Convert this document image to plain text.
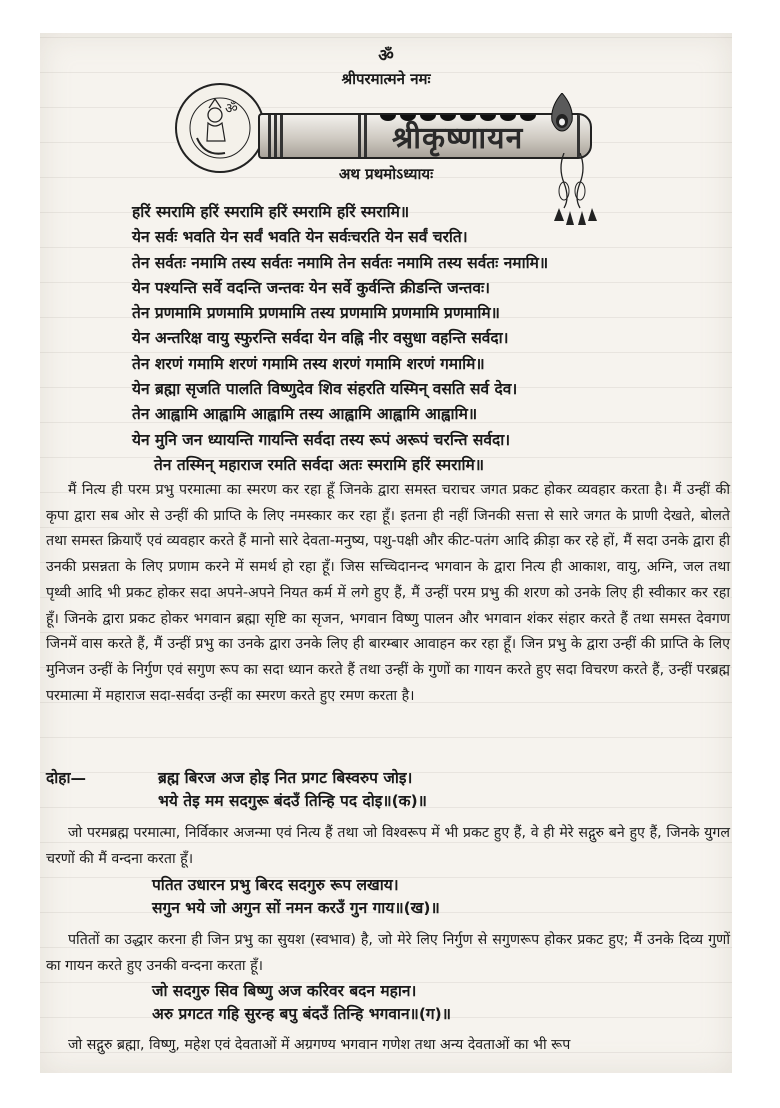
ॐ
श्रीपरमात्मने नमः
ॐ
श्रीकृष्णायन
अथ प्रथमोऽध्यायः
हरिं स्मरामि हरिं स्मरामि हरिं स्मरामि हरिं स्मरामि॥
येन सर्वः भवति येन सर्वं भवति येन सर्वःचरति येन सर्वं चरति।
तेन सर्वतः नमामि तस्य सर्वतः नमामि तेन सर्वतः नमामि तस्य सर्वतः नमामि॥
येन पश्यन्ति सर्वे वदन्ति जन्तवः येन सर्वे कुर्वन्ति क्रीडन्ति जन्तवः।
तेन प्रणमामि प्रणमामि प्रणमामि तस्य प्रणमामि प्रणमामि प्रणमामि॥
येन अन्तरिक्ष वायु स्फुरन्ति सर्वदा येन वह्नि नीर वसुधा वहन्ति सर्वदा।
तेन शरणं गमामि शरणं गमामि तस्य शरणं गमामि शरणं गमामि॥
येन ब्रह्मा सृजति पालति विष्णुदेव शिव संहरति यस्मिन् वसति सर्व देव।
तेन आह्वामि आह्वामि आह्वामि तस्य आह्वामि आह्वामि आह्वामि॥
येन मुनि जन ध्यायन्ति गायन्ति सर्वदा तस्य रूपं अरूपं चरन्ति सर्वदा।
तेन तस्मिन् महाराज रमति सर्वदा अतः स्मरामि हरिं स्मरामि॥

मैं नित्य ही परम प्रभु परमात्मा का स्मरण कर रहा हूँ जिनके द्वारा समस्त चराचर जगत प्रकट होकर व्यवहार करता है। मैं उन्हीं की कृपा द्वारा सब ओर से उन्हीं की प्राप्ति के लिए नमस्कार कर रहा हूँ। इतना ही नहीं जिनकी सत्ता से सारे जगत के प्राणी देखते, बोलते तथा समस्त क्रियाएँ एवं व्यवहार करते हैं मानो सारे देवता-मनुष्य, पशु-पक्षी और कीट-पतंग आदि क्रीड़ा कर रहे हों, मैं सदा उनके द्वारा ही उनकी प्रसन्नता के लिए प्रणाम करने में समर्थ हो रहा हूँ। जिस सच्चिदानन्द भगवान के द्वारा नित्य ही आकाश, वायु, अग्नि, जल तथा पृथ्वी आदि भी प्रकट होकर सदा अपने-अपने नियत कर्म में लगे हुए हैं, मैं उन्हीं परम प्रभु की शरण को उनके लिए ही स्वीकार कर रहा हूँ। जिनके द्वारा प्रकट होकर भगवान ब्रह्मा सृष्टि का सृजन, भगवान विष्णु पालन और भगवान शंकर संहार करते हैं तथा समस्त देवगण जिनमें वास करते हैं, मैं उन्हीं प्रभु का उनके द्वारा उनके लिए ही बारम्बार आवाहन कर रहा हूँ। जिन प्रभु के द्वारा उन्हीं की प्राप्ति के लिए मुनिजन उन्हीं के निर्गुण एवं सगुण रूप का सदा ध्यान करते हैं तथा उन्हीं के गुणों का गायन करते हुए सदा विचरण करते हैं, उन्हीं परब्रह्म परमात्मा में महाराज सदा-सर्वदा उन्हीं का स्मरण करते हुए रमण करता है।

दोहा—	ब्रह्म बिरज अज होइ नित प्रगट बिस्वरुप जोइ।
भये तेइ मम सदगुरू बंदउँ तिन्हि पद दोइ॥(क)॥

जो परमब्रह्म परमात्मा, निर्विकार अजन्मा एवं नित्य हैं तथा जो विश्वरूप में भी प्रकट हुए हैं, वे ही मेरे सद्गुरु बने हुए हैं, जिनके युगल चरणों की मैं वन्दना करता हूँ।

पतित उधारन प्रभु बिरद सदगुरु रूप लखाय।
सगुन भये जो अगुन सों नमन करउँ गुन गाय॥(ख)॥

पतितों का उद्धार करना ही जिन प्रभु का सुयश (स्वभाव) है, जो मेरे लिए निर्गुण से सगुणरूप होकर प्रकट हुए; मैं उनके दिव्य गुणों का गायन करते हुए उनकी वन्दना करता हूँ।

जो सदगुरु सिव बिष्णु अज करिवर बदन महान।
अरु प्रगटत गहि सुरन्ह बपु बंदउँ तिन्हि भगवान॥(ग)॥

जो सद्गुरु ब्रह्मा, विष्णु, महेश एवं देवताओं में अग्रगण्य भगवान गणेश तथा अन्य देवताओं का भी रूप
